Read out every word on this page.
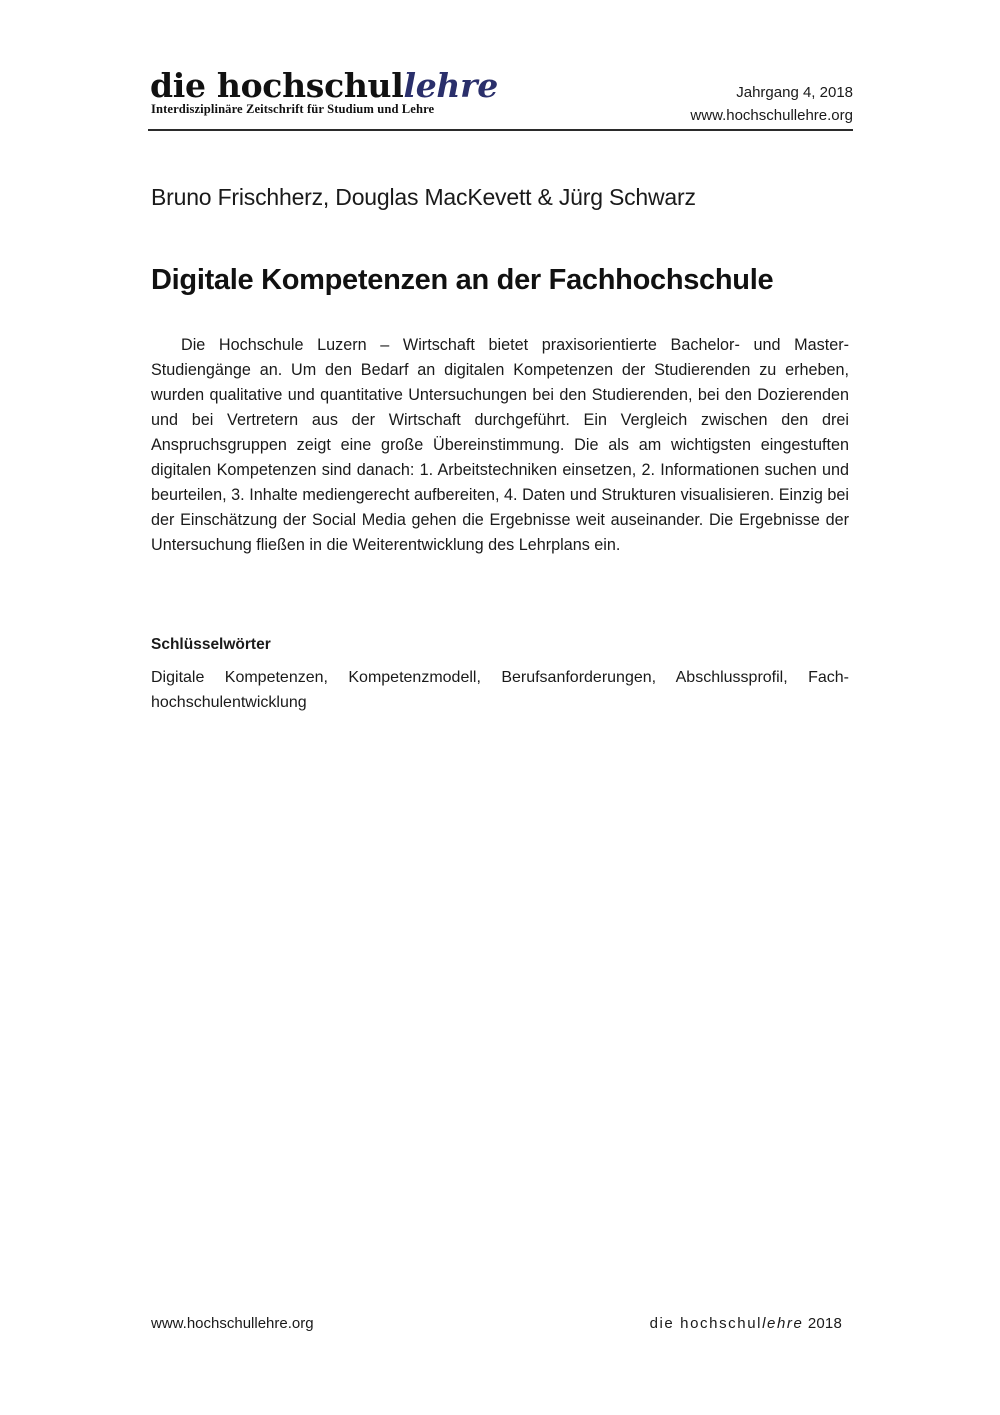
die hochschullehre
Interdisziplinäre Zeitschrift für Studium und Lehre
Jahrgang 4, 2018
www.hochschullehre.org
Bruno Frischherz, Douglas MacKevett & Jürg Schwarz
Digitale Kompetenzen an der Fachhochschule

Die Hochschule Luzern – Wirtschaft bietet praxisorientierte Bachelor- und Master-Studiengänge an. Um den Bedarf an digitalen Kompetenzen der Studierenden zu erheben, wurden qualitative und quantitative Untersuchungen bei den Studierenden, bei den Dozierenden und bei Vertretern aus der Wirtschaft durchgeführt. Ein Vergleich zwischen den drei Anspruchsgruppen zeigt eine große Übereinstimmung. Die als am wichtigsten eingestuften digitalen Kompetenzen sind danach: 1. Arbeitstechniken einsetzen, 2. Informationen suchen und beurteilen, 3. Inhalte mediengerecht aufbereiten, 4. Daten und Strukturen visualisieren. Einzig bei der Einschätzung der Social Media gehen die Ergebnisse weit auseinander. Die Ergebnisse der Untersuchung fließen in die Weiterentwicklung des Lehrplans ein.

Schlüsselwörter

Digitale Kompetenzen, Kompetenzmodell, Berufsanforderungen, Abschlussprofil, Fachhochschulentwicklung

www.hochschullehre.org	die hochschullehre 2018
